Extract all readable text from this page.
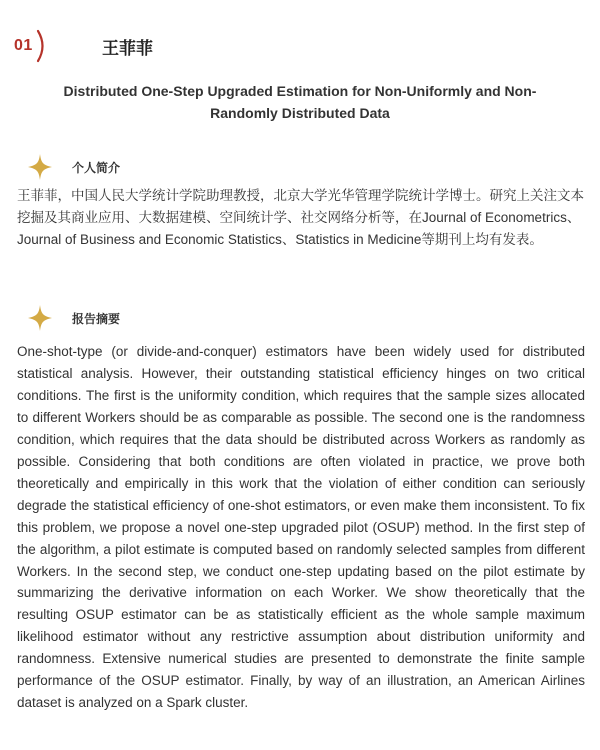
01	王菲菲
Distributed One-Step Upgraded Estimation for Non-Uniformly and Non-Randomly Distributed Data
个人简介
王菲菲，中国人民大学统计学院助理教授，北京大学光华管理学院统计学博士。研究上关注文本挖掘及其商业应用、大数据建模、空间统计学、社交网络分析等，在Journal of Econometrics、Journal of Business and Economic Statistics、Statistics in Medicine等期刊上均有发表。
报告摘要
One-shot-type (or divide-and-conquer) estimators have been widely used for distributed statistical analysis. However, their outstanding statistical efficiency hinges on two critical conditions. The first is the uniformity condition, which requires that the sample sizes allocated to different Workers should be as comparable as possible. The second one is the randomness condition, which requires that the data should be distributed across Workers as randomly as possible. Considering that both conditions are often violated in practice, we prove both theoretically and empirically in this work that the violation of either condition can seriously degrade the statistical efficiency of one-shot estimators, or even make them inconsistent. To fix this problem, we propose a novel one-step upgraded pilot (OSUP) method. In the first step of the algorithm, a pilot estimate is computed based on randomly selected samples from different Workers. In the second step, we conduct one-step updating based on the pilot estimate by summarizing the derivative information on each Worker. We show theoretically that the resulting OSUP estimator can be as statistically efficient as the whole sample maximum likelihood estimator without any restrictive assumption about distribution uniformity and randomness. Extensive numerical studies are presented to demonstrate the finite sample performance of the OSUP estimator. Finally, by way of an illustration, an American Airlines dataset is analyzed on a Spark cluster.
